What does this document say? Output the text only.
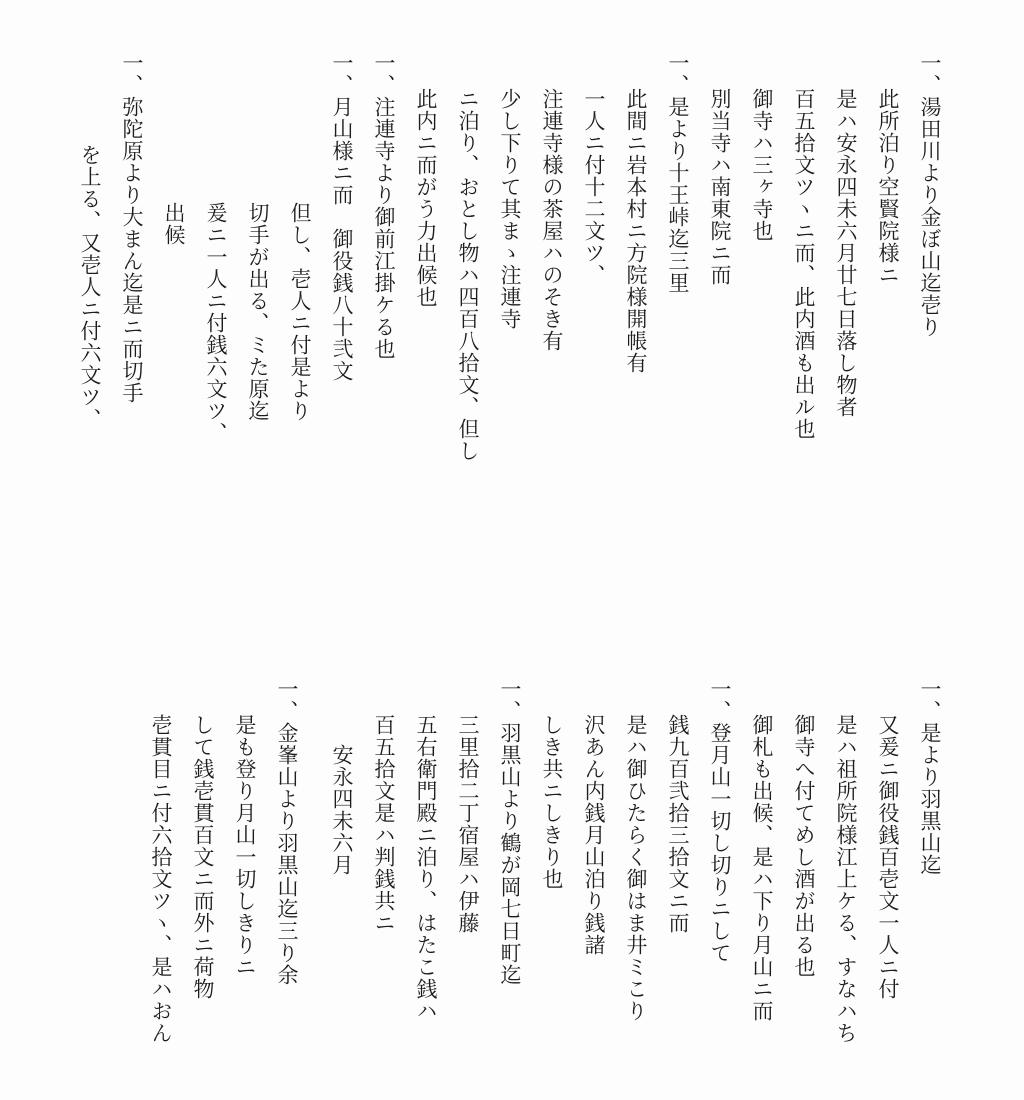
一、湯田川より金ぼ山迄壱り
此所泊り空賢院様ニ
是ハ安永四未六月廿七日落し物者
百五拾文ツヽニ而、此内酒も出ル也
御寺ハ三ヶ寺也
別当寺ハ南東院ニ而
一、是より十王峠迄三里
此間ニ岩本村ニ方院様開帳有
一人ニ付十二文ツ、
注連寺様の茶屋ハのそき有
少し下りて其まゝ注連寺
ニ泊り、おとし物ハ四百八拾文、但し
此内ニ而がう力出候也
一、注連寺より御前江掛ケる也
一、月山様ニ而　御役銭八十弐文
但し、壱人ニ付是より
切手が出る、ミた原迄
爰ニ一人ニ付銭六文ツ、
出候
一、弥陀原より大まん迄是ニ而切手
を上る、又壱人ニ付六文ツ、
一、是より羽黒山迄
又爰ニ御役銭百壱文一人ニ付
是ハ祖所院様江上ケる、すなハち
御寺へ付てめし酒が出る也
御札も出候、是ハ下り月山ニ而
一、登月山一切し切りニして
銭九百弐拾三拾文ニ而
是ハ御ひたらく御はま井ミこり
沢あん内銭月山泊り銭諸
しき共ニしきり也
一、羽黒山より鶴が岡七日町迄
三里拾二丁宿屋ハ伊藤
五右衛門殿ニ泊り、はたこ銭ハ
百五拾文是ハ判銭共ニ
安永四未六月
一、金峯山より羽黒山迄三り余
是も登り月山一切しきりニ
して銭壱貫百文ニ而外ニ荷物
壱貫目ニ付六拾文ツヽ、是ハおん
